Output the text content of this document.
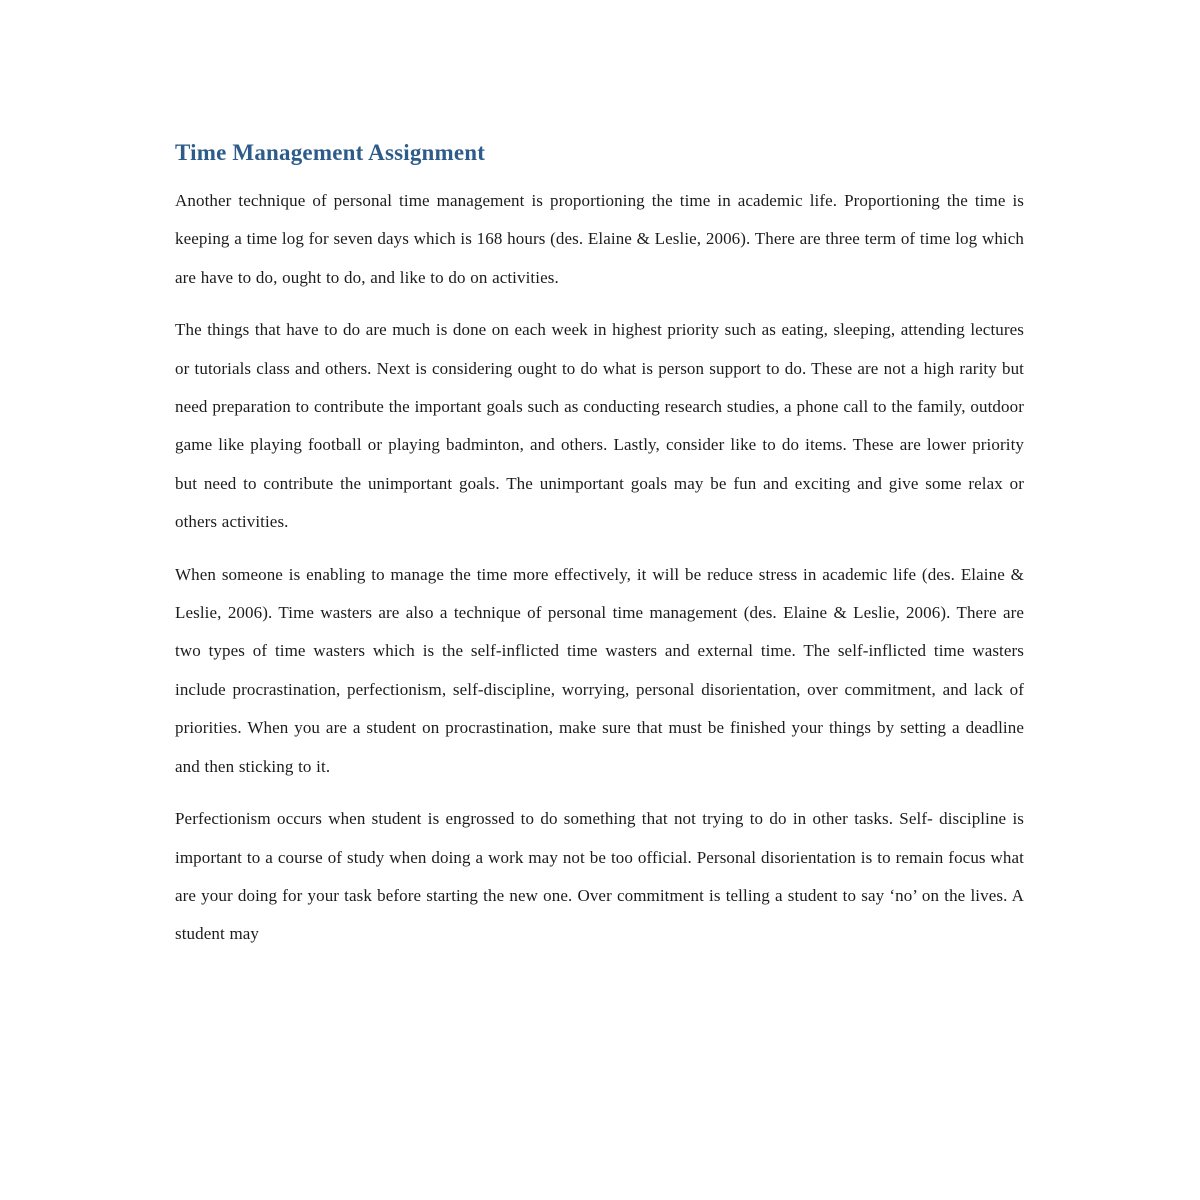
Time Management Assignment

Another technique of personal time management is proportioning the time in academic life. Proportioning the time is keeping a time log for seven days which is 168 hours (des. Elaine & Leslie, 2006). There are three term of time log which are have to do, ought to do, and like to do on activities.

The things that have to do are much is done on each week in highest priority such as eating, sleeping, attending lectures or tutorials class and others. Next is considering ought to do what is person support to do. These are not a high rarity but need preparation to contribute the important goals such as conducting research studies, a phone call to the family, outdoor game like playing football or playing badminton, and others. Lastly, consider like to do items. These are lower priority but need to contribute the unimportant goals. The unimportant goals may be fun and exciting and give some relax or others activities.

When someone is enabling to manage the time more effectively, it will be reduce stress in academic life (des. Elaine & Leslie, 2006). Time wasters are also a technique of personal time management (des. Elaine & Leslie, 2006). There are two types of time wasters which is the self-inflicted time wasters and external time. The self-inflicted time wasters include procrastination, perfectionism, self-discipline, worrying, personal disorientation, over commitment, and lack of priorities. When you are a student on procrastination, make sure that must be finished your things by setting a deadline and then sticking to it.

Perfectionism occurs when student is engrossed to do something that not trying to do in other tasks. Self- discipline is important to a course of study when doing a work may not be too official. Personal disorientation is to remain focus what are your doing for your task before starting the new one. Over commitment is telling a student to say ‘no’ on the lives. A student may
